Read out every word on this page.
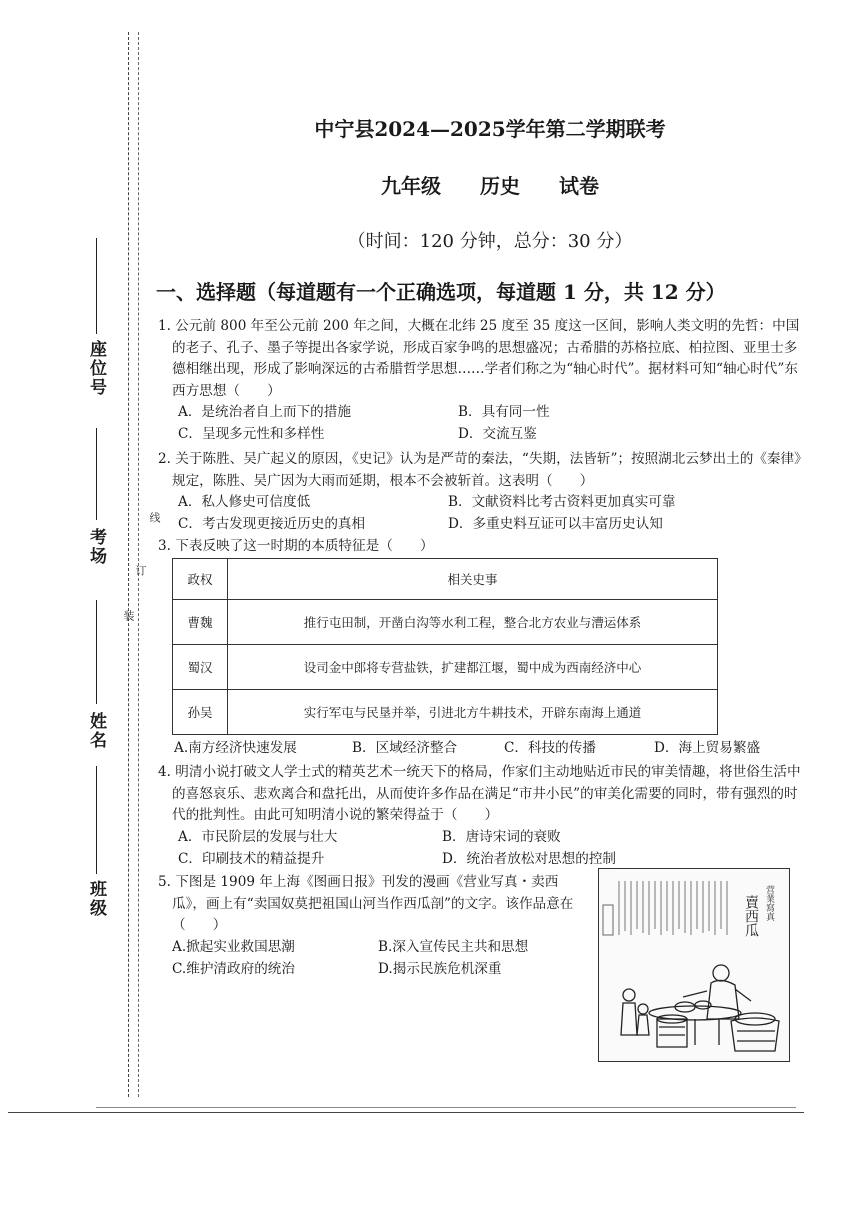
座位号
考场
姓名
班级
装
订
线
中宁县2024—2025学年第二学期联考
九年级 历史 试卷
（时间：120 分钟，总分：30 分）
一、选择题（每道题有一个正确选项，每道题 1 分，共 12 分）
1. 公元前 800 年至公元前 200 年之间，大概在北纬 25 度至 35 度这一区间，影响人类文明的先哲：中国的老子、孔子、墨子等提出各家学说，形成百家争鸣的思想盛况；古希腊的苏格拉底、柏拉图、亚里士多德相继出现，形成了影响深远的古希腊哲学思想……学者们称之为“轴心时代”。据材料可知“轴心时代”东西方思想（　　）
A．是统治者自上而下的措施	B．具有同一性
C．呈现多元性和多样性	D．交流互鉴
2. 关于陈胜、吴广起义的原因，《史记》认为是严苛的秦法，“失期，法皆斩”；按照湖北云梦出土的《秦律》规定，陈胜、吴广因为大雨而延期，根本不会被斩首。这表明（　　）
A．私人修史可信度低	B．文献资料比考古资料更加真实可靠
C．考古发现更接近历史的真相	D．多重史料互证可以丰富历史认知
3. 下表反映了这一时期的本质特征是（　　）
政权	相关史事
曹魏	推行屯田制，开凿白沟等水利工程，整合北方农业与漕运体系
蜀汉	设司金中郎将专营盐铁，扩建都江堰，蜀中成为西南经济中心
孙吴	实行军屯与民垦并举，引进北方牛耕技术，开辟东南海上通道
A.南方经济快速发展	B．区域经济整合	C．科技的传播	D．海上贸易繁盛
4. 明清小说打破文人学士式的精英艺术一统天下的格局，作家们主动地贴近市民的审美情趣，将世俗生活中的喜怒哀乐、悲欢离合和盘托出，从而使许多作品在满足“市井小民”的审美化需要的同时，带有强烈的时代的批判性。由此可知明清小说的繁荣得益于（　　）
A．市民阶层的发展与壮大	B．唐诗宋词的衰败
C．印刷技术的精益提升	D．统治者放松对思想的控制
5. 下图是 1909 年上海《图画日报》刊发的漫画《营业写真・卖西瓜》，画上有“卖国奴莫把祖国山河当作西瓜剖”的文字。该作品意在（　　）
A.掀起实业救国思潮	B.深入宣传民主共和思想
C.维护清政府的统治	D.揭示民族危机深重
营業寫真
賣西瓜
